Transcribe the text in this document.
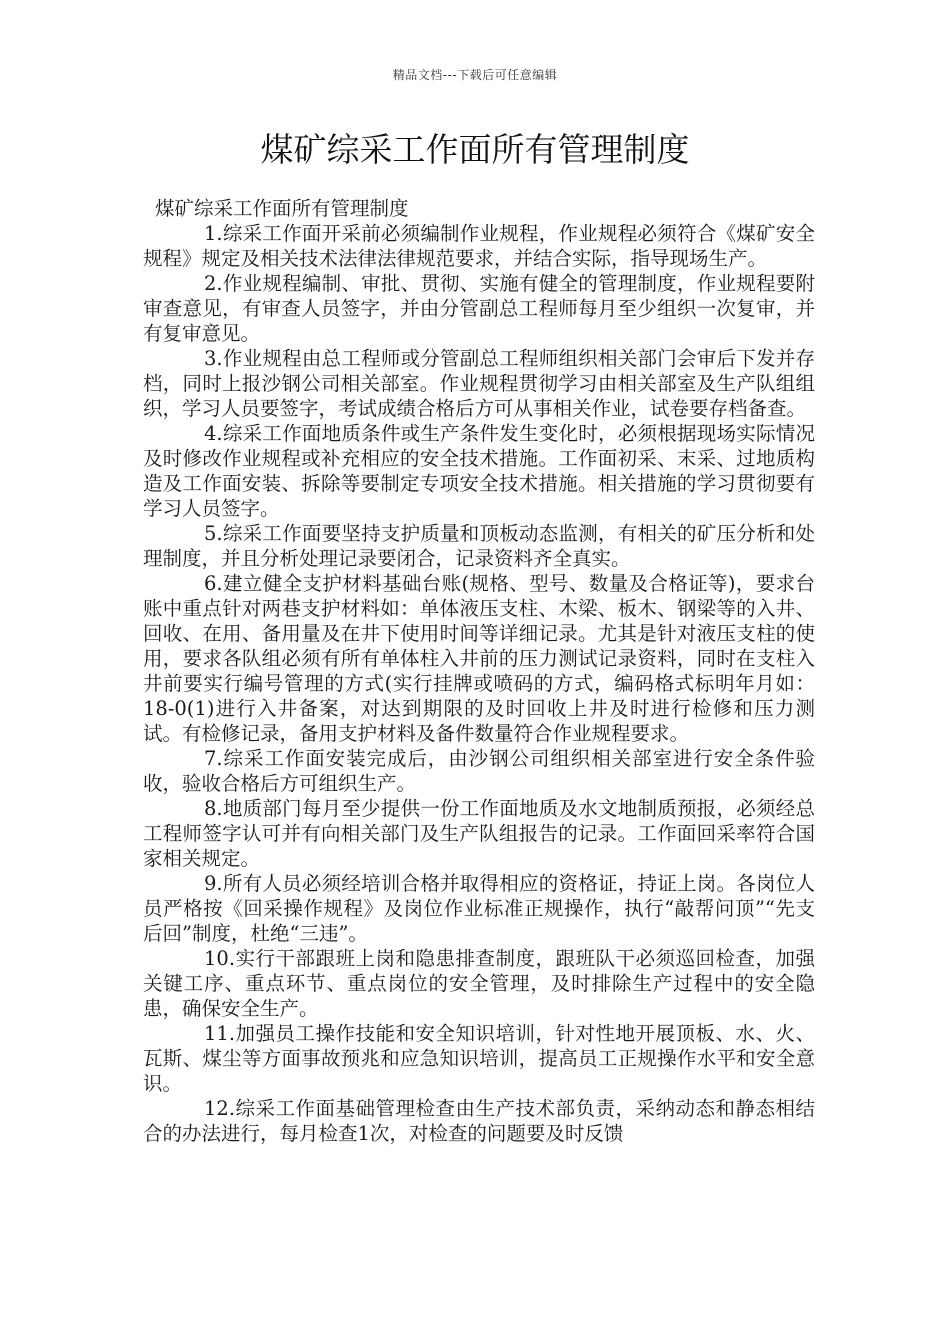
精品文档---下载后可任意编辑
煤矿综采工作面所有管理制度

煤矿综采工作面所有管理制度

1.综采工作面开采前必须编制作业规程，作业规程必须符合《煤矿安全规程》规定及相关技术法律法律规范要求，并结合实际，指导现场生产。

2.作业规程编制、审批、贯彻、实施有健全的管理制度，作业规程要附审查意见，有审查人员签字，并由分管副总工程师每月至少组织一次复审，并有复审意见。

3.作业规程由总工程师或分管副总工程师组织相关部门会审后下发并存档，同时上报沙钢公司相关部室。作业规程贯彻学习由相关部室及生产队组组织，学习人员要签字，考试成绩合格后方可从事相关作业，试卷要存档备查。

4.综采工作面地质条件或生产条件发生变化时，必须根据现场实际情况及时修改作业规程或补充相应的安全技术措施。工作面初采、末采、过地质构造及工作面安装、拆除等要制定专项安全技术措施。相关措施的学习贯彻要有学习人员签字。

5.综采工作面要坚持支护质量和顶板动态监测，有相关的矿压分析和处理制度，并且分析处理记录要闭合，记录资料齐全真实。

6.建立健全支护材料基础台账(规格、型号、数量及合格证等)，要求台账中重点针对两巷支护材料如：单体液压支柱、木梁、板木、钢梁等的入井、回收、在用、备用量及在井下使用时间等详细记录。尤其是针对液压支柱的使用，要求各队组必须有所有单体柱入井前的压力测试记录资料，同时在支柱入井前要实行编号管理的方式(实行挂牌或喷码的方式，编码格式标明年月如：18-0(1)进行入井备案，对达到期限的及时回收上井及时进行检修和压力测试。有检修记录，备用支护材料及备件数量符合作业规程要求。

7.综采工作面安装完成后，由沙钢公司组织相关部室进行安全条件验收，验收合格后方可组织生产。

8.地质部门每月至少提供一份工作面地质及水文地制质预报，必须经总工程师签字认可并有向相关部门及生产队组报告的记录。工作面回采率符合国家相关规定。

9.所有人员必须经培训合格并取得相应的资格证，持证上岗。各岗位人员严格按《回采操作规程》及岗位作业标准正规操作，执行“敲帮问顶”“先支后回”制度，杜绝“三违”。

10.实行干部跟班上岗和隐患排查制度，跟班队干必须巡回检查，加强关键工序、重点环节、重点岗位的安全管理，及时排除生产过程中的安全隐患，确保安全生产。

11.加强员工操作技能和安全知识培训，针对性地开展顶板、水、火、瓦斯、煤尘等方面事故预兆和应急知识培训，提高员工正规操作水平和安全意识。

12.综采工作面基础管理检查由生产技术部负责，采纳动态和静态相结合的办法进行，每月检查1次，对检查的问题要及时反馈
